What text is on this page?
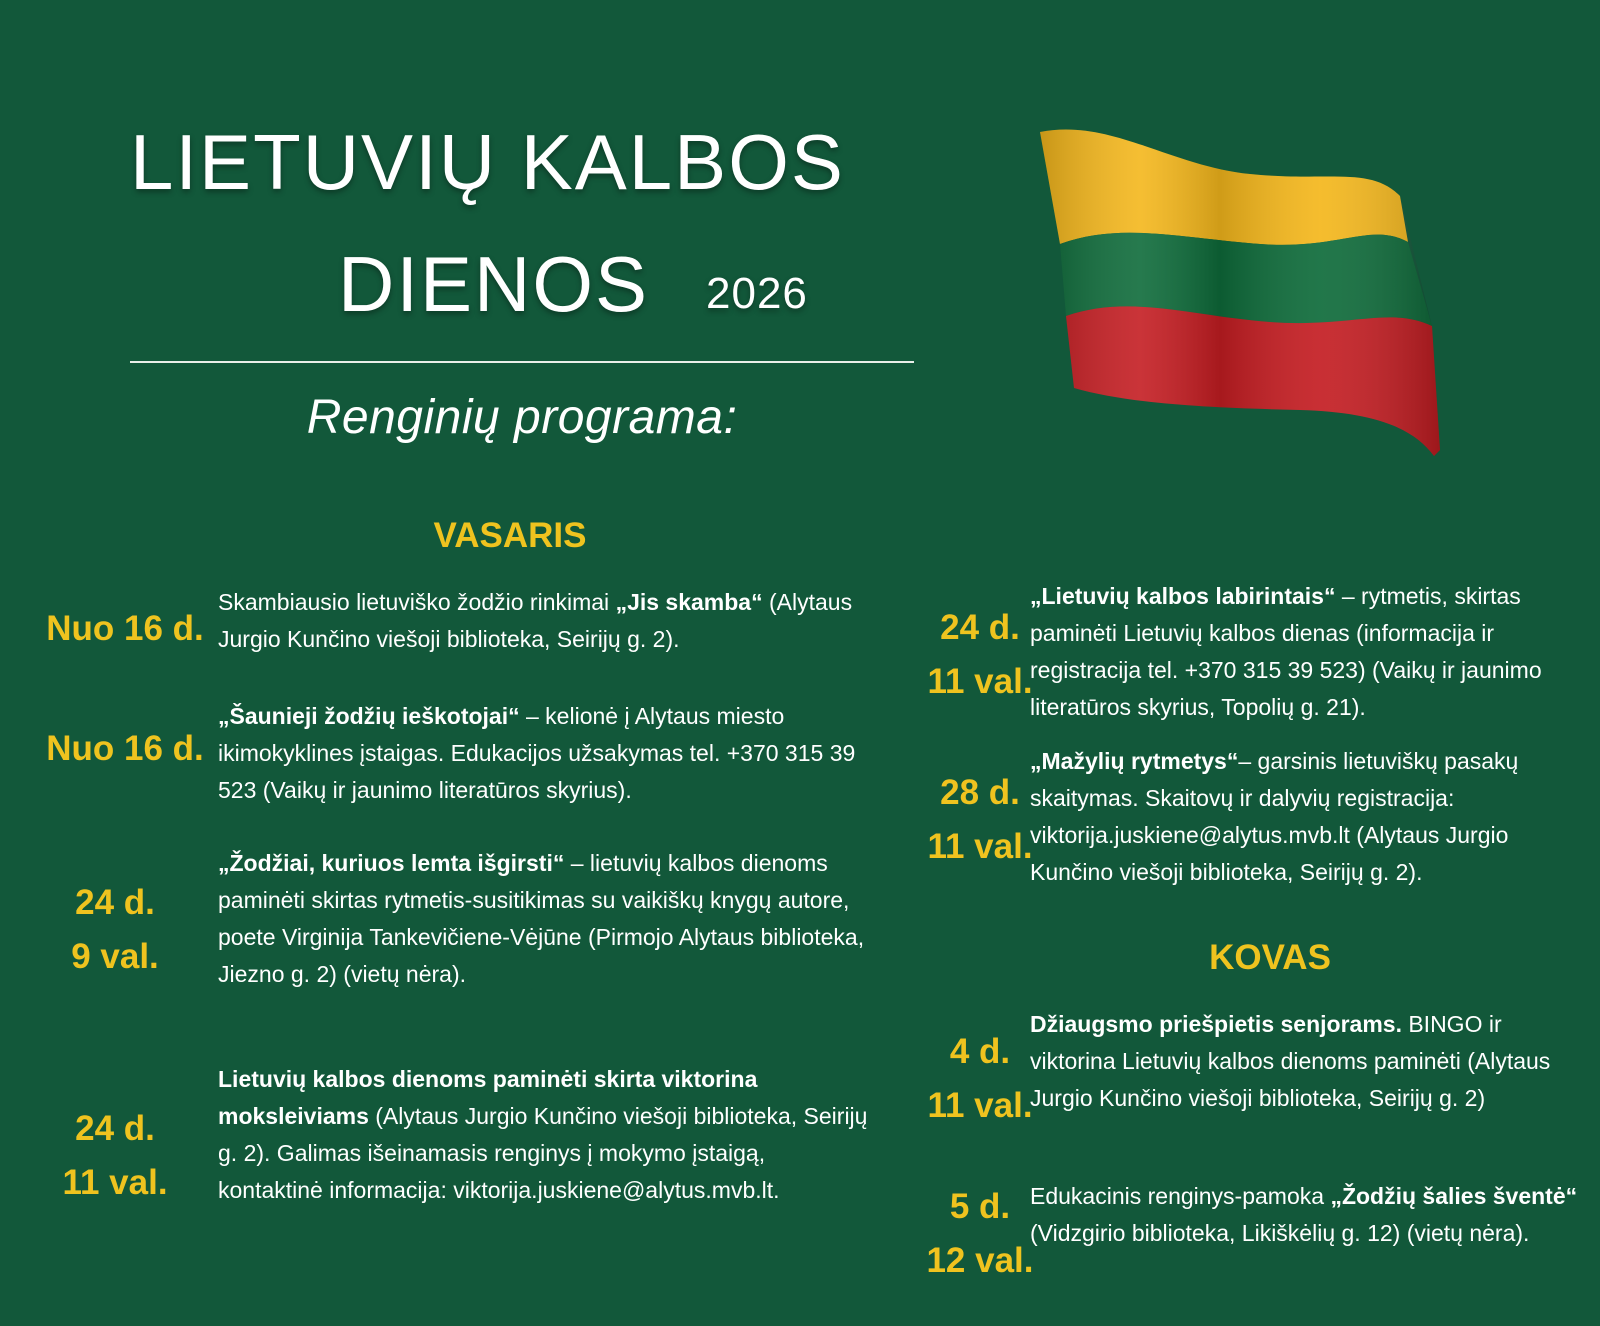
LIETUVIŲ KALBOS
DIENOS 2026
Renginių programa:
VASARIS
KOVAS
Nuo 16 d.
Skambiausio lietuviško žodžio rinkimai „Jis skamba“ (Alytaus Jurgio Kunčino viešoji biblioteka, Seirijų g. 2).
Nuo 16 d.
„Šaunieji žodžių ieškotojai“ – kelionė į Alytaus miesto ikimokyklines įstaigas. Edukacijos užsakymas tel. +370 315 39 523 (Vaikų ir jaunimo literatūros skyrius).
24 d.
9 val.
„Žodžiai, kuriuos lemta išgirsti“ – lietuvių kalbos dienoms paminėti skirtas rytmetis-susitikimas su vaikiškų knygų autore, poete Virginija Tankevičiene-Vėjūne (Pirmojo Alytaus biblioteka, Jiezno g. 2) (vietų nėra).
24 d.
11 val.
Lietuvių kalbos dienoms paminėti skirta viktorina moksleiviams (Alytaus Jurgio Kunčino viešoji biblioteka, Seirijų g. 2). Galimas išeinamasis renginys į mokymo įstaigą, kontaktinė informacija: viktorija.juskiene@alytus.mvb.lt.
24 d.
11 val.
„Lietuvių kalbos labirintais“ – rytmetis, skirtas paminėti Lietuvių kalbos dienas (informacija ir registracija tel. +370 315 39 523) (Vaikų ir jaunimo literatūros skyrius, Topolių g. 21).
28 d.
11 val.
„Mažylių rytmetys“– garsinis lietuviškų pasakų skaitymas. Skaitovų ir dalyvių registracija: viktorija.juskiene@alytus.mvb.lt (Alytaus Jurgio Kunčino viešoji biblioteka, Seirijų g. 2).
4 d.
11 val.
Džiaugsmo priešpietis senjorams. BINGO ir viktorina Lietuvių kalbos dienoms paminėti (Alytaus Jurgio Kunčino viešoji biblioteka, Seirijų g. 2)
5 d.
12 val.
Edukacinis renginys-pamoka „Žodžių šalies šventė“ (Vidzgirio biblioteka, Likiškėlių g. 12) (vietų nėra).
